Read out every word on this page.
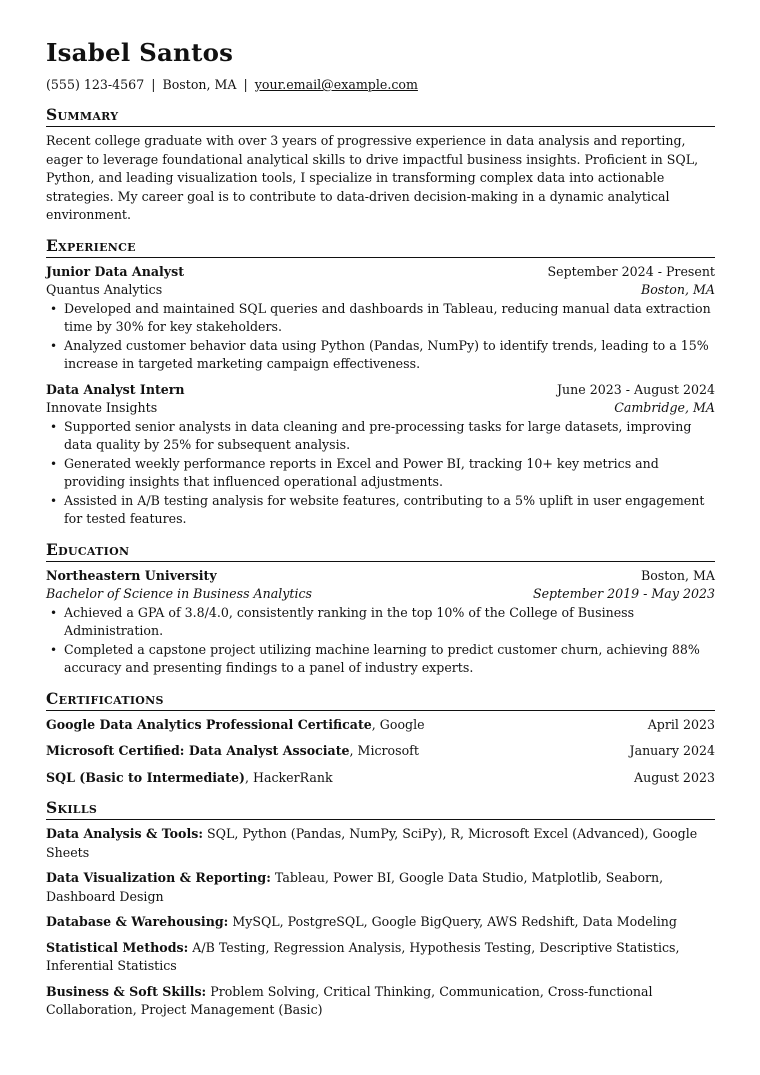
Isabel Santos
(555) 123-4567 | Boston, MA | your.email@example.com
Summary

Recent college graduate with over 3 years of progressive experience in data analysis and reporting, eager to leverage foundational analytical skills to drive impactful business insights. Proficient in SQL, Python, and leading visualization tools, I specialize in transforming complex data into actionable strategies. My career goal is to contribute to data-driven decision-making in a dynamic analytical environment.

Experience
Junior Data Analyst	September 2024 - Present
Quantus Analytics	Boston, MA
• Developed and maintained SQL queries and dashboards in Tableau, reducing manual data extraction time by 30% for key stakeholders.
• Analyzed customer behavior data using Python (Pandas, NumPy) to identify trends, leading to a 15% increase in targeted marketing campaign effectiveness.
Data Analyst Intern	June 2023 - August 2024
Innovate Insights	Cambridge, MA
• Supported senior analysts in data cleaning and pre-processing tasks for large datasets, improving data quality by 25% for subsequent analysis.
• Generated weekly performance reports in Excel and Power BI, tracking 10+ key metrics and providing insights that influenced operational adjustments.
• Assisted in A/B testing analysis for website features, contributing to a 5% uplift in user engagement for tested features.
Education
Northeastern University	Boston, MA
Bachelor of Science in Business Analytics	September 2019 - May 2023
• Achieved a GPA of 3.8/4.0, consistently ranking in the top 10% of the College of Business Administration.
• Completed a capstone project utilizing machine learning to predict customer churn, achieving 88% accuracy and presenting findings to a panel of industry experts.
Certifications
Google Data Analytics Professional Certificate, Google	April 2023
Microsoft Certified: Data Analyst Associate, Microsoft	January 2024
SQL (Basic to Intermediate), HackerRank	August 2023
Skills
Data Analysis & Tools: SQL, Python (Pandas, NumPy, SciPy), R, Microsoft Excel (Advanced), Google Sheets
Data Visualization & Reporting: Tableau, Power BI, Google Data Studio, Matplotlib, Seaborn, Dashboard Design
Database & Warehousing: MySQL, PostgreSQL, Google BigQuery, AWS Redshift, Data Modeling
Statistical Methods: A/B Testing, Regression Analysis, Hypothesis Testing, Descriptive Statistics, Inferential Statistics
Business & Soft Skills: Problem Solving, Critical Thinking, Communication, Cross-functional Collaboration, Project Management (Basic)
